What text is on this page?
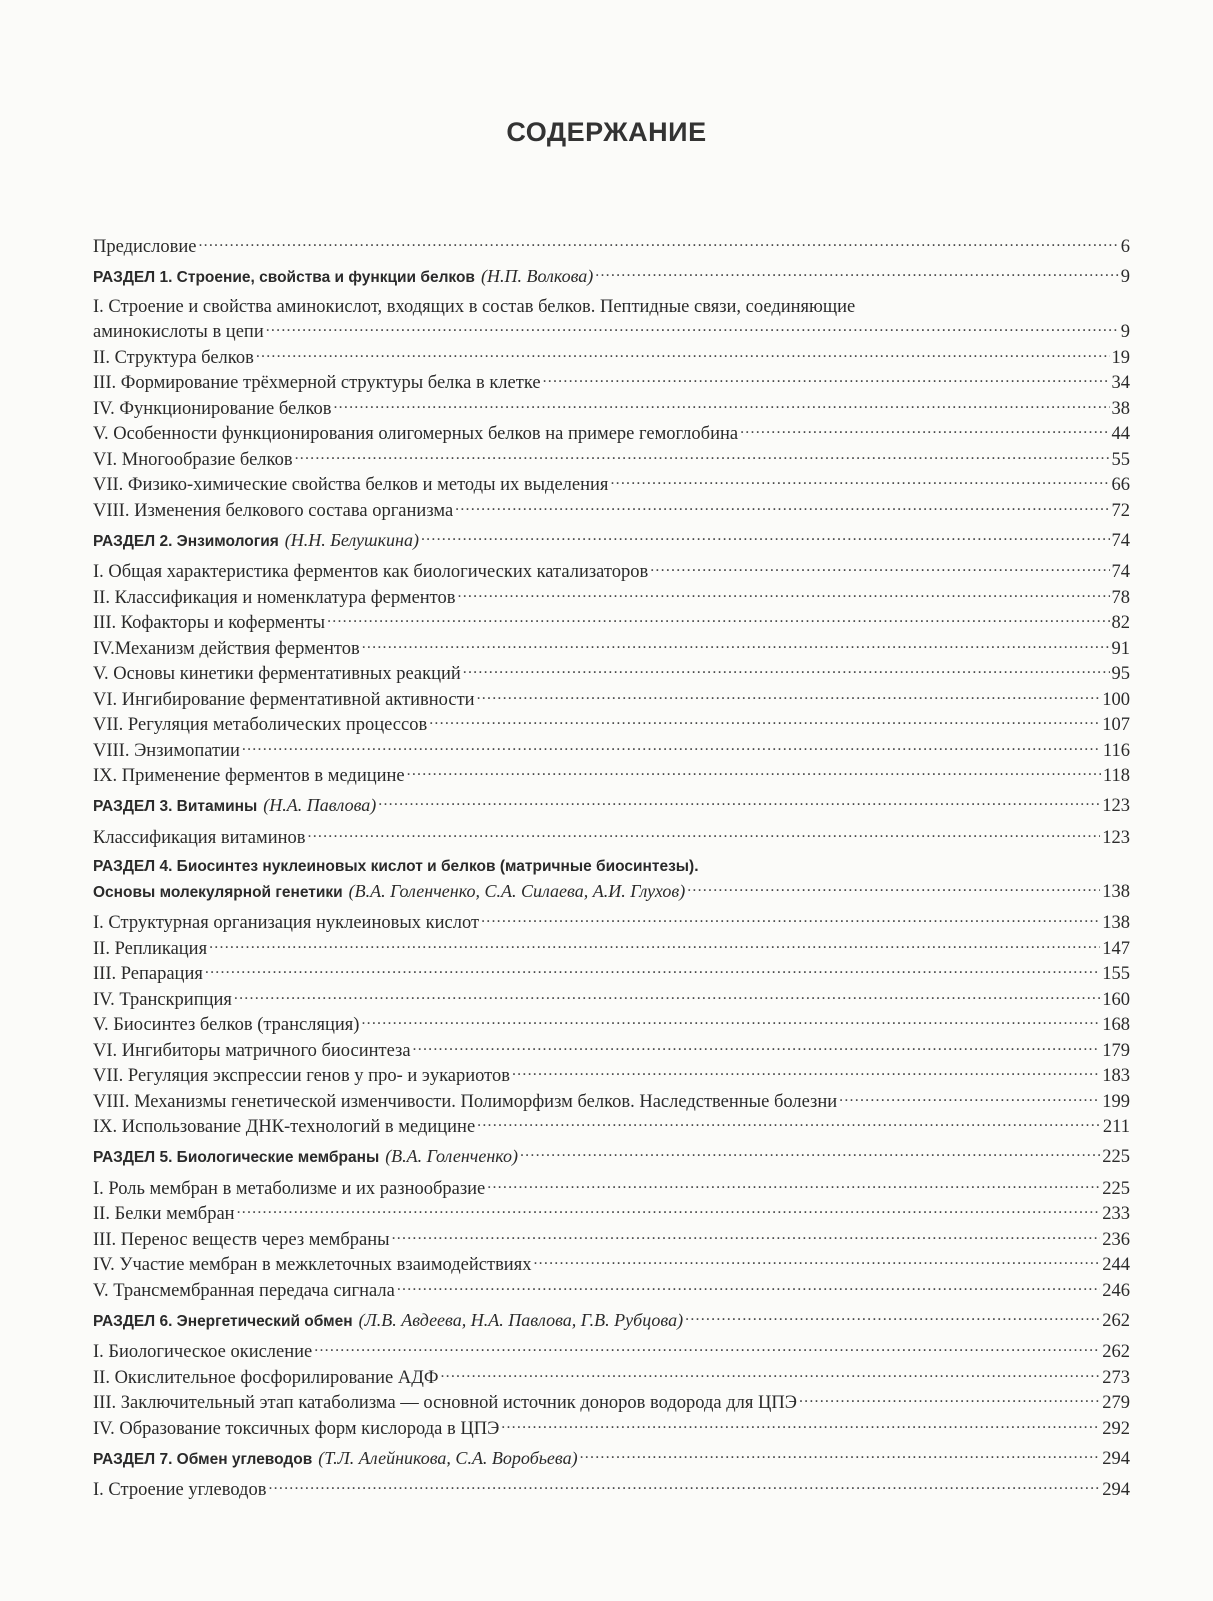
СОДЕРЖАНИЕ
Предисловие .....	6
РАЗДЕЛ 1. Строение, свойства и функции белков (Н.П. Волкова) .....	9
I. Строение и свойства аминокислот, входящих в состав белков. Пептидные связи, соединяющие
аминокислоты в цепи .....	9
II. Структура белков .....	19
III. Формирование трёхмерной структуры белка в клетке .....	34
IV. Функционирование белков .....	38
V. Особенности функционирования олигомерных белков на примере гемоглобина .....	44
VI. Многообразие белков .....	55
VII. Физико-химические свойства белков и методы их выделения .....	66
VIII. Изменения белкового состава организма .....	72
РАЗДЕЛ 2. Энзимология (Н.Н. Белушкина) .....	74
I. Общая характеристика ферментов как биологических катализаторов .....	74
II. Классификация и номенклатура ферментов .....	78
III. Кофакторы и коферменты .....	82
IV.Механизм действия ферментов .....	91
V. Основы кинетики ферментативных реакций .....	95
VI. Ингибирование ферментативной активности .....	100
VII. Регуляция метаболических процессов .....	107
VIII. Энзимопатии .....	116
IX. Применение ферментов в медицине .....	118
РАЗДЕЛ 3. Витамины (Н.А. Павлова) .....	123
Классификация витаминов .....	123
РАЗДЕЛ 4. Биосинтез нуклеиновых кислот и белков (матричные биосинтезы).
Основы молекулярной генетики (В.А. Голенченко, С.А. Силаева, А.И. Глухов) .....	138
I. Структурная организация нуклеиновых кислот .....	138
II. Репликация .....	147
III. Репарация .....	155
IV. Транскрипция .....	160
V. Биосинтез белков (трансляция) .....	168
VI. Ингибиторы матричного биосинтеза .....	179
VII. Регуляция экспрессии генов у про- и эукариотов .....	183
VIII. Механизмы генетической изменчивости. Полиморфизм белков. Наследственные болезни .....	199
IX. Использование ДНК-технологий в медицине .....	211
РАЗДЕЛ 5. Биологические мембраны (В.А. Голенченко) .....	225
I. Роль мембран в метаболизме и их разнообразие .....	225
II. Белки мембран .....	233
III. Перенос веществ через мембраны .....	236
IV. Участие мембран в межклеточных взаимодействиях .....	244
V. Трансмембранная передача сигнала .....	246
РАЗДЕЛ 6. Энергетический обмен (Л.В. Авдеева, Н.А. Павлова, Г.В. Рубцова) .....	262
I. Биологическое окисление .....	262
II. Окислительное фосфорилирование АДФ .....	273
III. Заключительный этап катаболизма — основной источник доноров водорода для ЦПЭ .....	279
IV. Образование токсичных форм кислорода в ЦПЭ .....	292
РАЗДЕЛ 7. Обмен углеводов (Т.Л. Алейникова, С.А. Воробьева) .....	294
I. Строение углеводов .....	294
